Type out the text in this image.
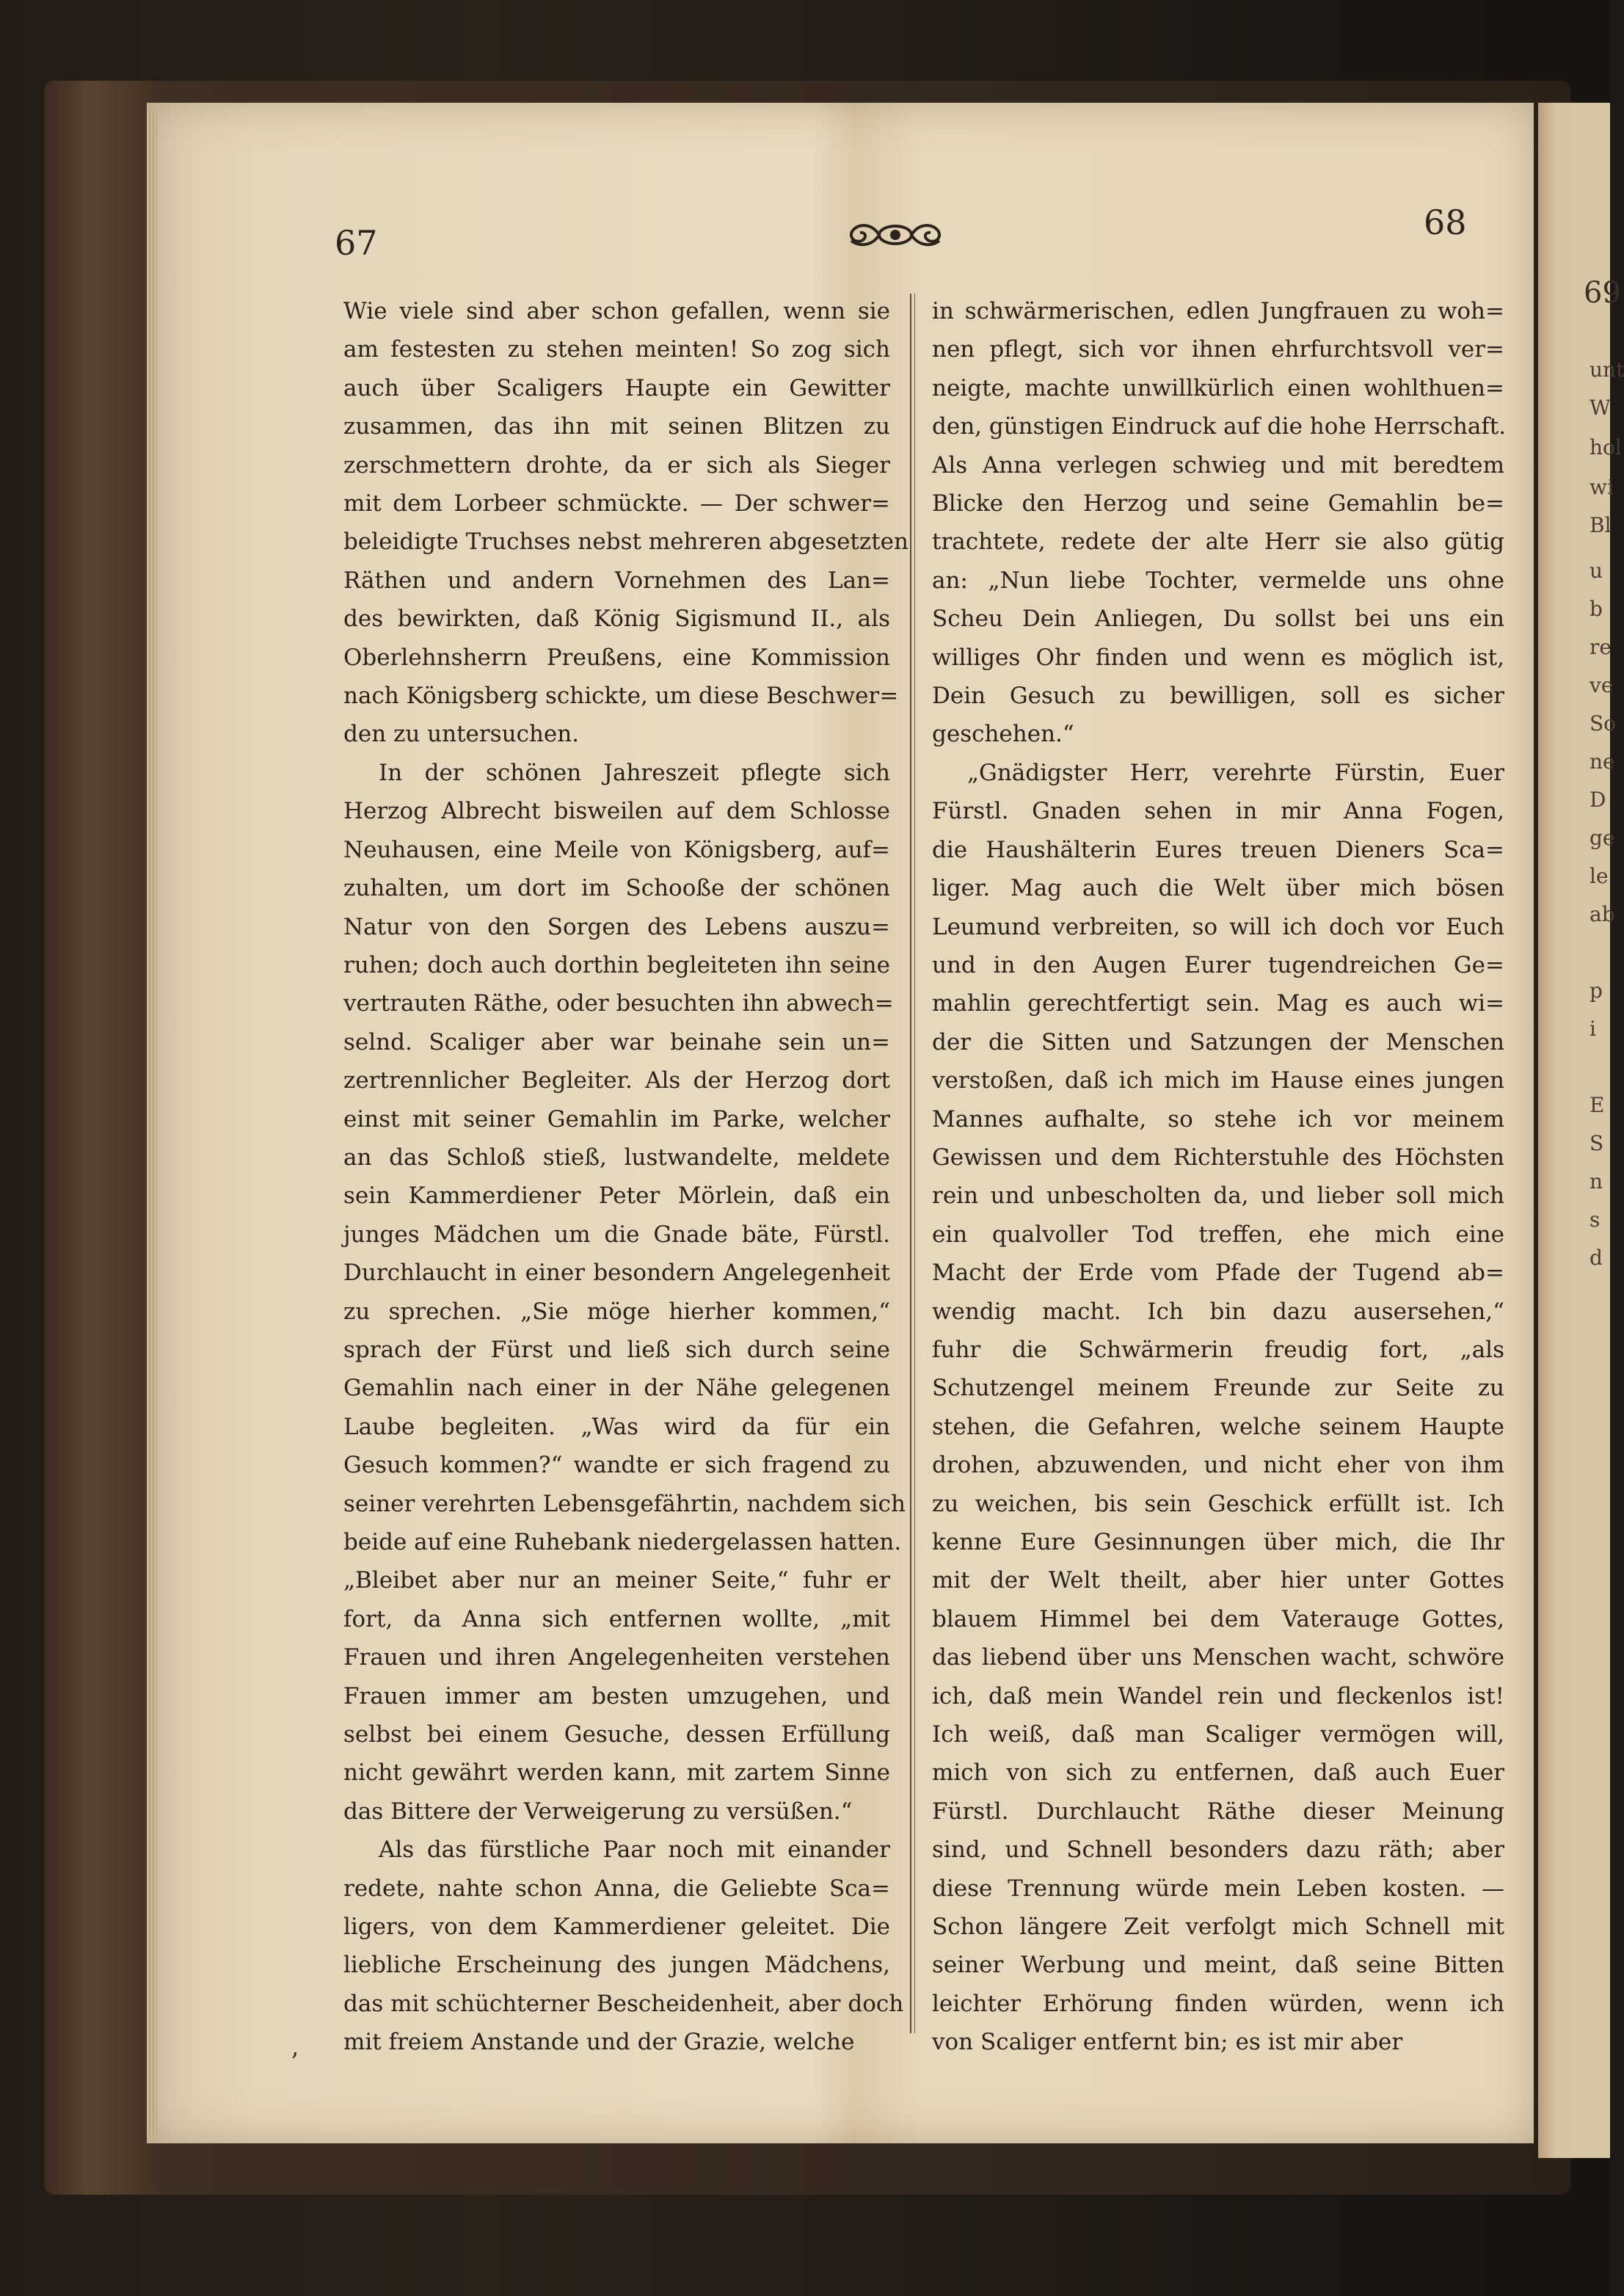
69
unt
W
hol
wi
Bl
u
b
re
ve
So
ne
D
ge
le
ab
p
i
E
S
n
s
d
67
68

Wie viele sind aber schon gefallen, wenn sie

am festesten zu stehen meinten! So zog sich

auch über Scaligers Haupte ein Gewitter

zusammen, das ihn mit seinen Blitzen zu

zerschmettern drohte, da er sich als Sieger

mit dem Lorbeer schmückte. — Der schwer=

beleidigte Truchses nebst mehreren abgesetzten

Räthen und andern Vornehmen des Lan=

des bewirkten, daß König Sigismund II., als

Oberlehnsherrn Preußens, eine Kommission

nach Königsberg schickte, um diese Beschwer=

den zu untersuchen.

In der schönen Jahreszeit pflegte sich

Herzog Albrecht bisweilen auf dem Schlosse

Neuhausen, eine Meile von Königsberg, auf=

zuhalten, um dort im Schooße der schönen

Natur von den Sorgen des Lebens auszu=

ruhen; doch auch dorthin begleiteten ihn seine

vertrauten Räthe, oder besuchten ihn abwech=

selnd. Scaliger aber war beinahe sein un=

zertrennlicher Begleiter. Als der Herzog dort

einst mit seiner Gemahlin im Parke, welcher

an das Schloß stieß, lustwandelte, meldete

sein Kammerdiener Peter Mörlein, daß ein

junges Mädchen um die Gnade bäte, Fürstl.

Durchlaucht in einer besondern Angelegenheit

zu sprechen. „Sie möge hierher kommen,“

sprach der Fürst und ließ sich durch seine

Gemahlin nach einer in der Nähe gelegenen

Laube begleiten. „Was wird da für ein

Gesuch kommen?“ wandte er sich fragend zu

seiner verehrten Lebensgefährtin, nachdem sich

beide auf eine Ruhebank niedergelassen hatten.

„Bleibet aber nur an meiner Seite,“ fuhr er

fort, da Anna sich entfernen wollte, „mit

Frauen und ihren Angelegenheiten verstehen

Frauen immer am besten umzugehen, und

selbst bei einem Gesuche, dessen Erfüllung

nicht gewährt werden kann, mit zartem Sinne

das Bittere der Verweigerung zu versüßen.“

Als das fürstliche Paar noch mit einander

redete, nahte schon Anna, die Geliebte Sca=

ligers, von dem Kammerdiener geleitet. Die

liebliche Erscheinung des jungen Mädchens,

das mit schüchterner Bescheidenheit, aber doch

mit freiem Anstande und der Grazie, welche

in schwärmerischen, edlen Jungfrauen zu woh=

nen pflegt, sich vor ihnen ehrfurchtsvoll ver=

neigte, machte unwillkürlich einen wohlthuen=

den, günstigen Eindruck auf die hohe Herrschaft.

Als Anna verlegen schwieg und mit beredtem

Blicke den Herzog und seine Gemahlin be=

trachtete, redete der alte Herr sie also gütig

an: „Nun liebe Tochter, vermelde uns ohne

Scheu Dein Anliegen, Du sollst bei uns ein

williges Ohr finden und wenn es möglich ist,

Dein Gesuch zu bewilligen, soll es sicher

geschehen.“

„Gnädigster Herr, verehrte Fürstin, Euer

Fürstl. Gnaden sehen in mir Anna Fogen,

die Haushälterin Eures treuen Dieners Sca=

liger. Mag auch die Welt über mich bösen

Leumund verbreiten, so will ich doch vor Euch

und in den Augen Eurer tugendreichen Ge=

mahlin gerechtfertigt sein. Mag es auch wi=

der die Sitten und Satzungen der Menschen

verstoßen, daß ich mich im Hause eines jungen

Mannes aufhalte, so stehe ich vor meinem

Gewissen und dem Richterstuhle des Höchsten

rein und unbescholten da, und lieber soll mich

ein qualvoller Tod treffen, ehe mich eine

Macht der Erde vom Pfade der Tugend ab=

wendig macht. Ich bin dazu ausersehen,“

fuhr die Schwärmerin freudig fort, „als

Schutzengel meinem Freunde zur Seite zu

stehen, die Gefahren, welche seinem Haupte

drohen, abzuwenden, und nicht eher von ihm

zu weichen, bis sein Geschick erfüllt ist. Ich

kenne Eure Gesinnungen über mich, die Ihr

mit der Welt theilt, aber hier unter Gottes

blauem Himmel bei dem Vaterauge Gottes,

das liebend über uns Menschen wacht, schwöre

ich, daß mein Wandel rein und fleckenlos ist!

Ich weiß, daß man Scaliger vermögen will,

mich von sich zu entfernen, daß auch Euer

Fürstl. Durchlaucht Räthe dieser Meinung

sind, und Schnell besonders dazu räth; aber

diese Trennung würde mein Leben kosten. —

Schon längere Zeit verfolgt mich Schnell mit

seiner Werbung und meint, daß seine Bitten

leichter Erhörung finden würden, wenn ich

von Scaliger entfernt bin; es ist mir aber

ʼ
